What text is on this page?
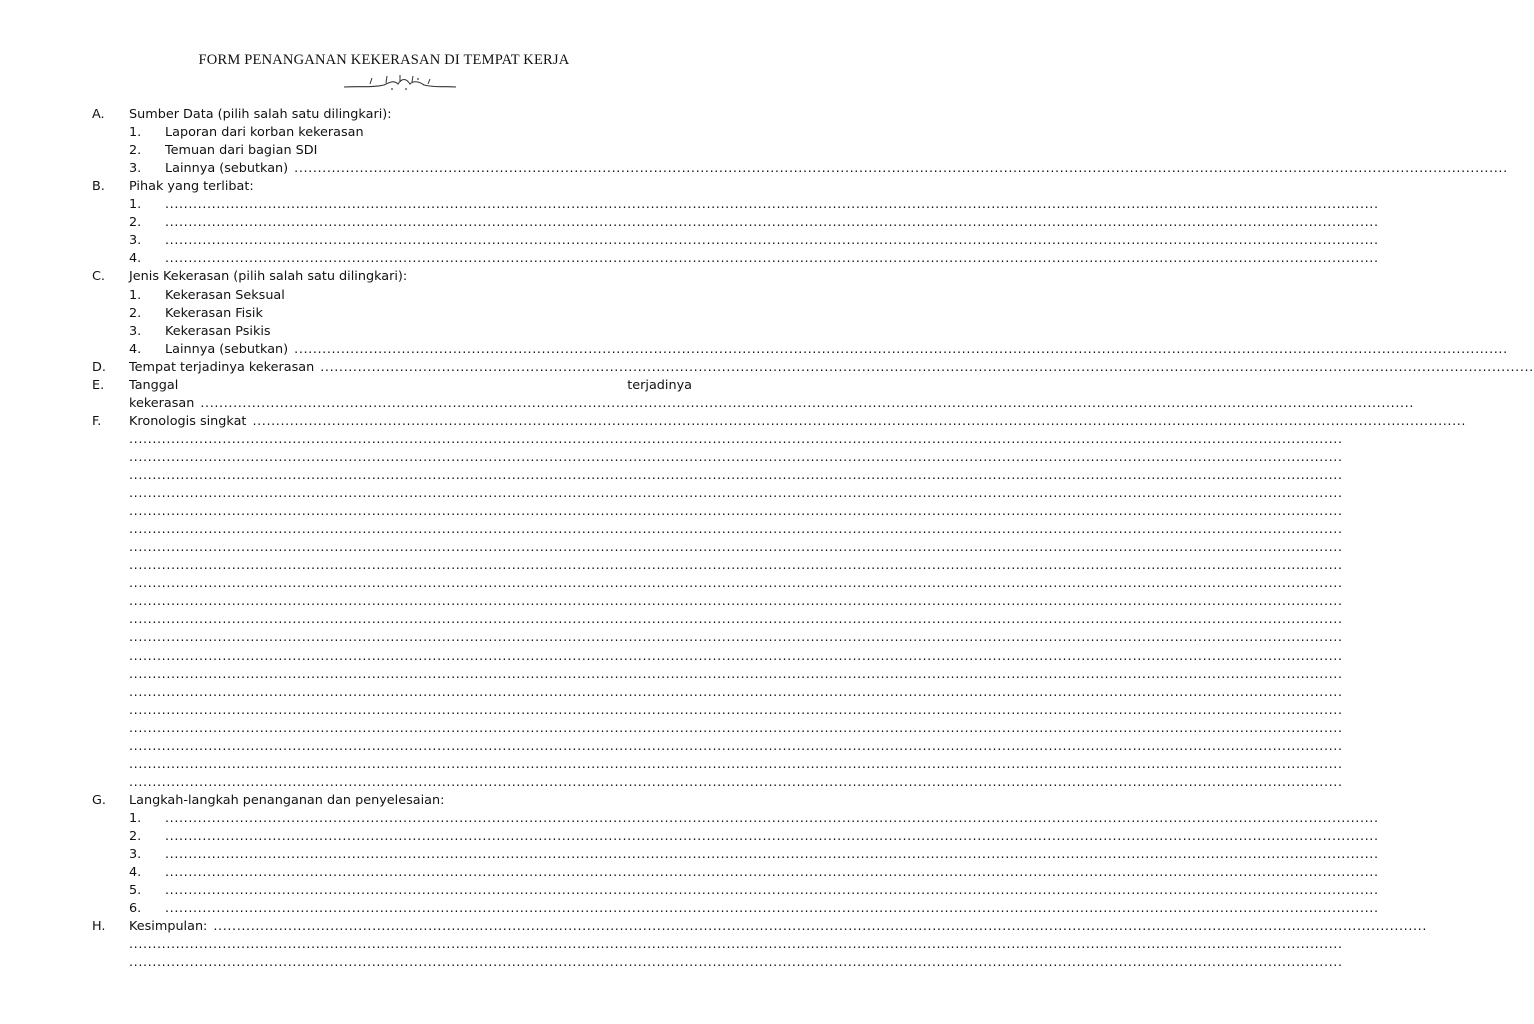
FORM PENANGANAN KEKERASAN DI TEMPAT KERJA
A. Sumber Data (pilih salah satu dilingkari):
1. Laporan dari korban kekerasan
2. Temuan dari bagian SDI
3. Lainnya (sebutkan) ....................................................................................................................................................................................................................................................................
B. Pihak yang terlibat:
1. ....................................................................................................................................................................................................................................................................
2. ....................................................................................................................................................................................................................................................................
3. ....................................................................................................................................................................................................................................................................
4. ....................................................................................................................................................................................................................................................................
C. Jenis Kekerasan (pilih salah satu dilingkari):
1. Kekerasan Seksual
2. Kekerasan Fisik
3. Kekerasan Psikis
4. Lainnya (sebutkan) ....................................................................................................................................................................................................................................................................
D. Tempat terjadinya kekerasan ....................................................................................................................................................................................................................................................................
E. Tanggal	terjadinya
kekerasan ....................................................................................................................................................................................................................................................................
F. Kronologis singkat ....................................................................................................................................................................................................................................................................
....................................................................................................................................................................................................................................................................
....................................................................................................................................................................................................................................................................
....................................................................................................................................................................................................................................................................
....................................................................................................................................................................................................................................................................
....................................................................................................................................................................................................................................................................
....................................................................................................................................................................................................................................................................
....................................................................................................................................................................................................................................................................
....................................................................................................................................................................................................................................................................
....................................................................................................................................................................................................................................................................
....................................................................................................................................................................................................................................................................
....................................................................................................................................................................................................................................................................
....................................................................................................................................................................................................................................................................
....................................................................................................................................................................................................................................................................
....................................................................................................................................................................................................................................................................
....................................................................................................................................................................................................................................................................
....................................................................................................................................................................................................................................................................
....................................................................................................................................................................................................................................................................
....................................................................................................................................................................................................................................................................
....................................................................................................................................................................................................................................................................
....................................................................................................................................................................................................................................................................
G. Langkah-langkah penanganan dan penyelesaian:
1. ....................................................................................................................................................................................................................................................................
2. ....................................................................................................................................................................................................................................................................
3. ....................................................................................................................................................................................................................................................................
4. ....................................................................................................................................................................................................................................................................
5. ....................................................................................................................................................................................................................................................................
6. ....................................................................................................................................................................................................................................................................
H. Kesimpulan: ....................................................................................................................................................................................................................................................................
....................................................................................................................................................................................................................................................................
....................................................................................................................................................................................................................................................................
